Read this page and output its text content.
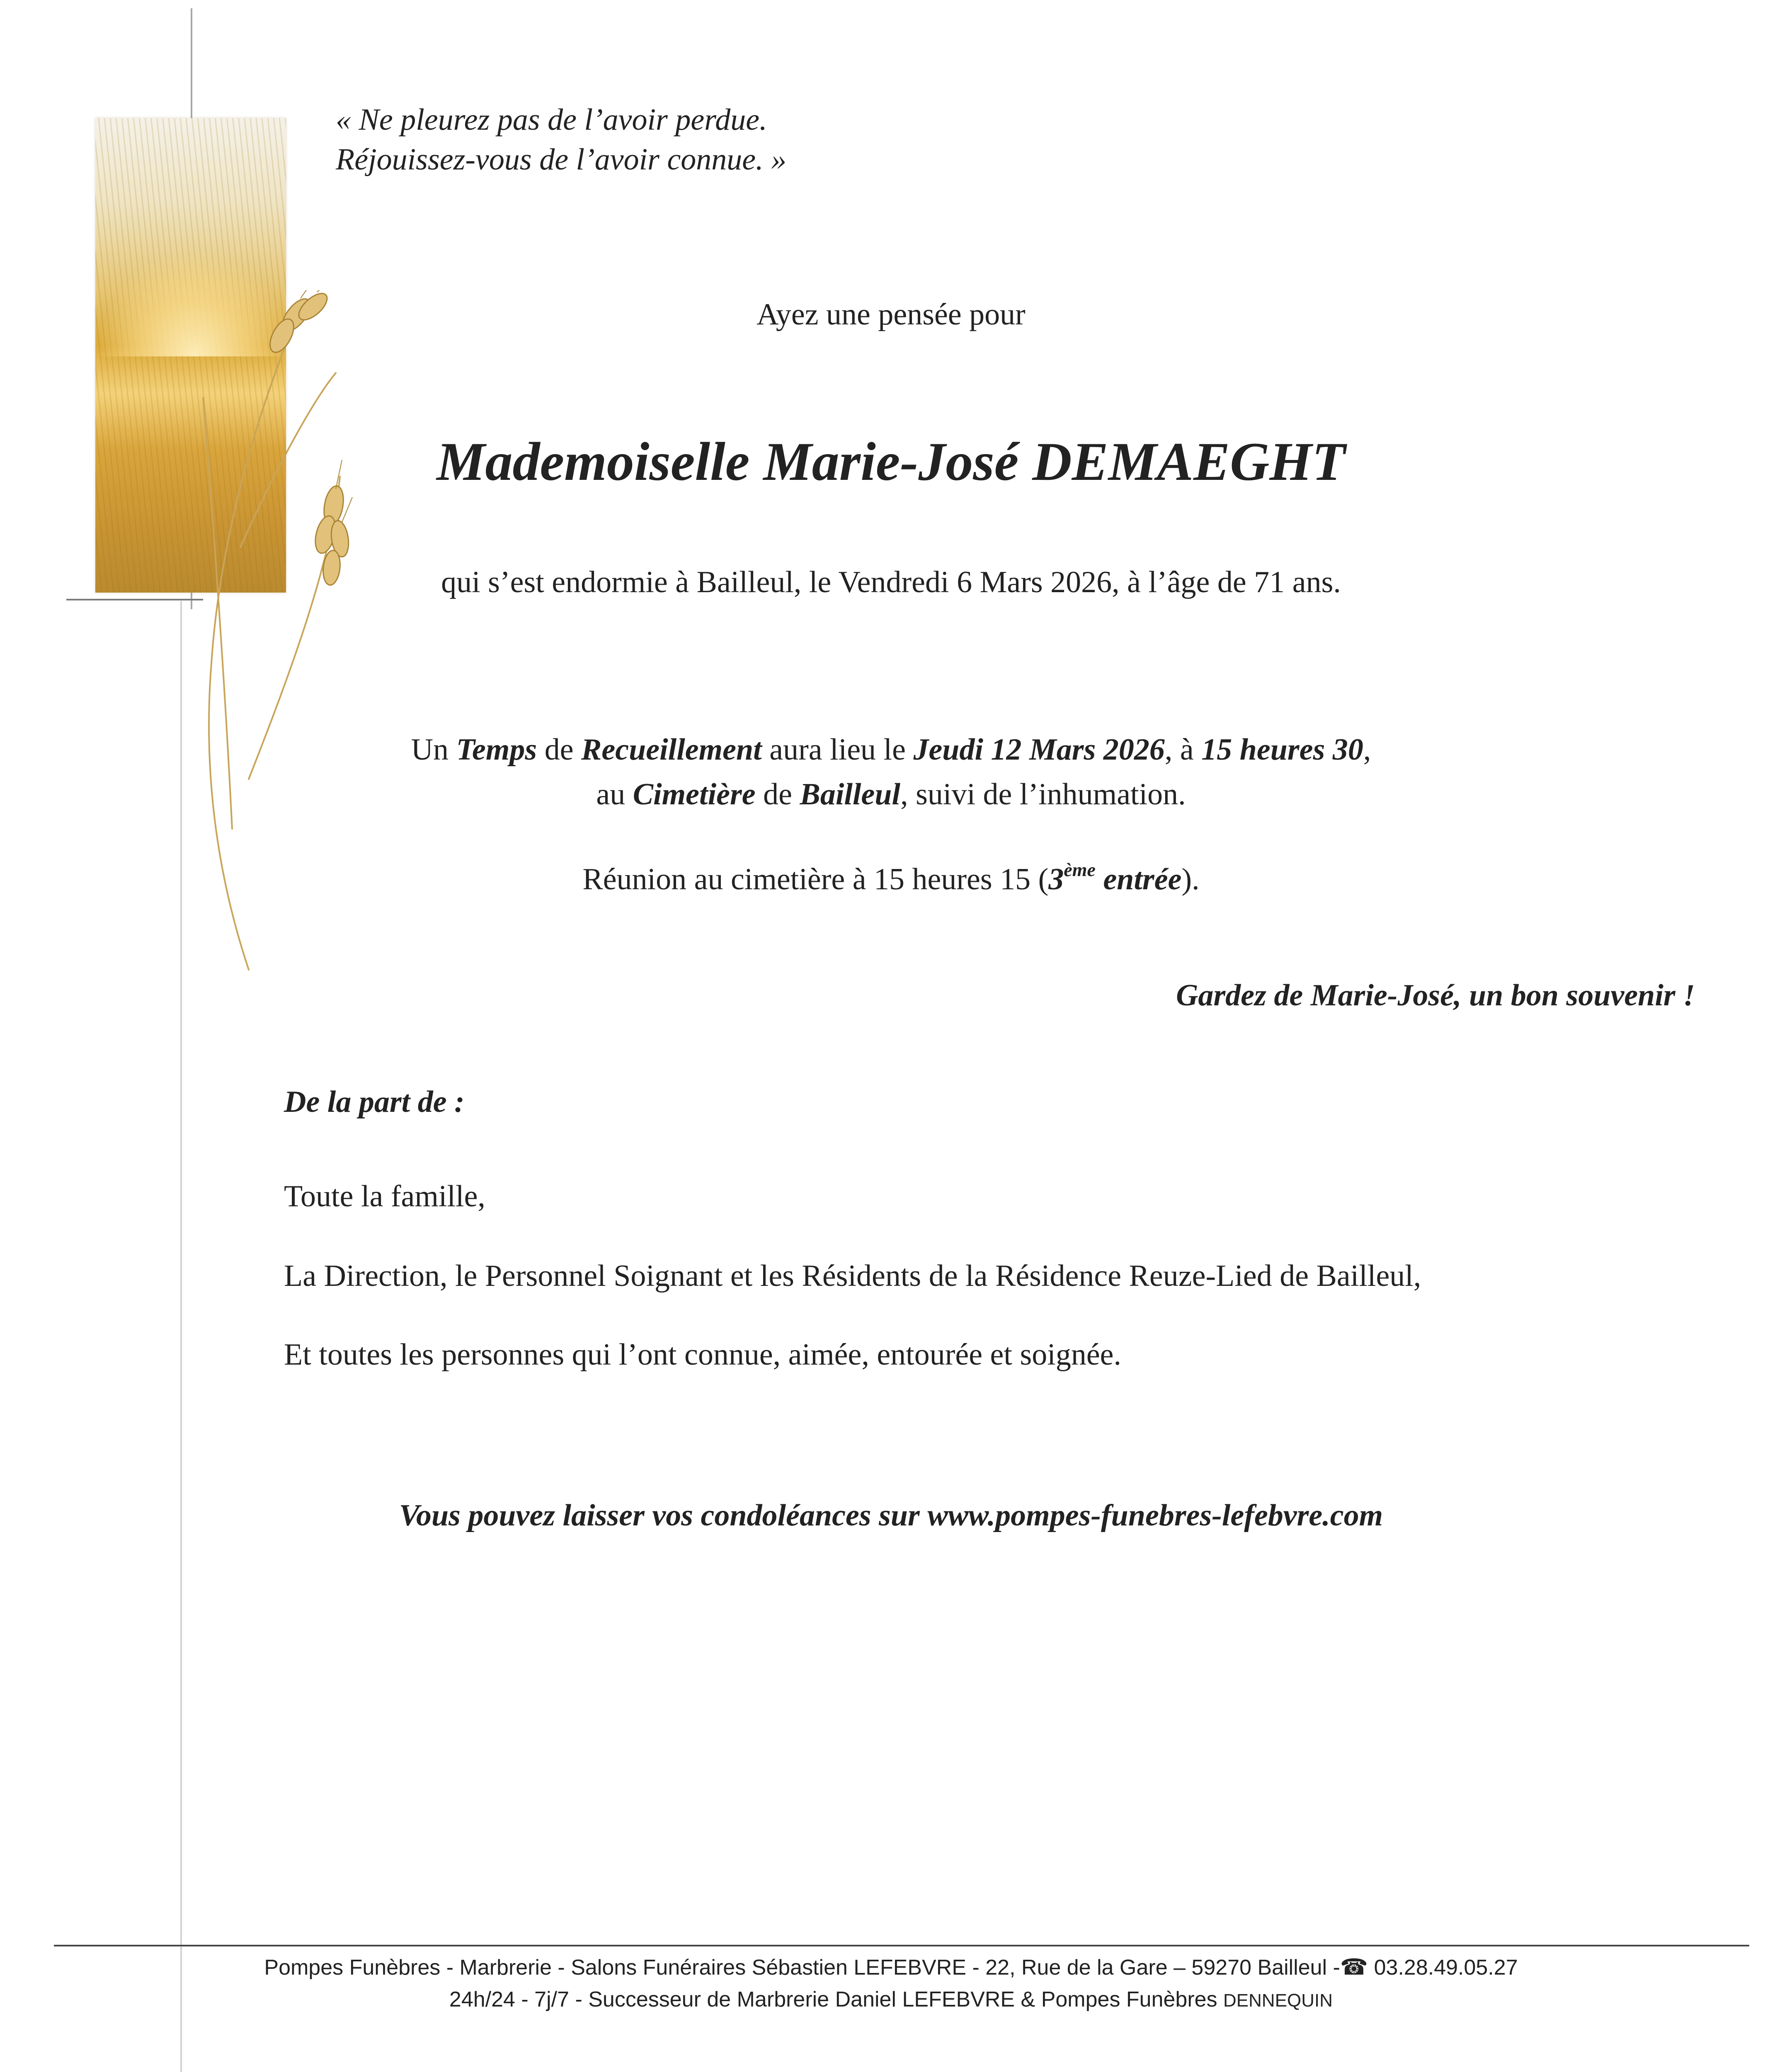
« Ne pleurez pas de l’avoir perdue.
Réjouissez-vous de l’avoir connue. »
Ayez une pensée pour
Mademoiselle Marie-José DEMAEGHT
qui s’est endormie à Bailleul, le Vendredi 6 Mars 2026, à l’âge de 71 ans.
Un Temps de Recueillement aura lieu le Jeudi 12 Mars 2026, à 15 heures 30,
au Cimetière de Bailleul, suivi de l’inhumation.
Réunion au cimetière à 15 heures 15 (3ème entrée).
Gardez de Marie-José, un bon souvenir !
De la part de :
Toute la famille,
La Direction, le Personnel Soignant et les Résidents de la Résidence Reuze-Lied de Bailleul,
Et toutes les personnes qui l’ont connue, aimée, entourée et soignée.
Vous pouvez laisser vos condoléances sur www.pompes-funebres-lefebvre.com
Pompes Funèbres - Marbrerie - Salons Funéraires Sébastien LEFEBVRE - 22, Rue de la Gare – 59270 Bailleul -☎ 03.28.49.05.27
24h/24 - 7j/7 - Successeur de Marbrerie Daniel LEFEBVRE & Pompes Funèbres DENNEQUIN
